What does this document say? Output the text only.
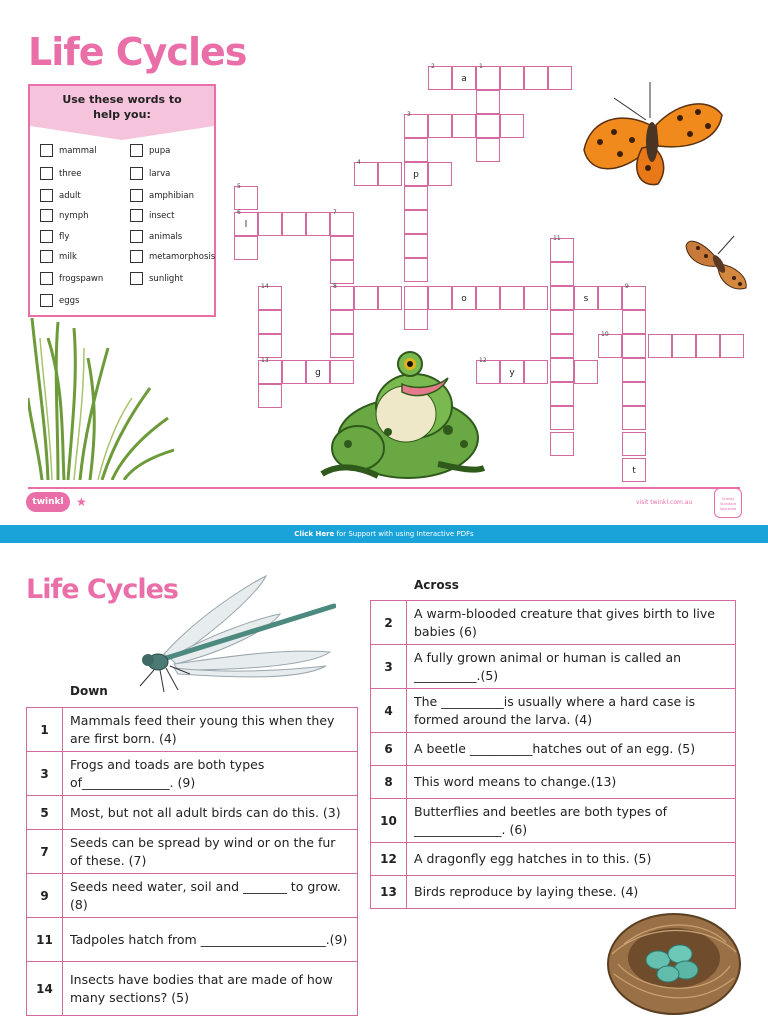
Life Cycles
Use these words to
help you:
mammal	pupa
three	larva
adult	amphibian
nymph	insect
fly	animals
milk	metamorphosis
frogspawn	sunlight
eggs
2
a
1
3
4
p
5
6
l
7
8
o	s
9
11
t
10
12
y
14
13
g
twinkl	★	visit twinkl.com.au	Quality Standard Approved
Click Here for Support with using Interactive PDFs
Life Cycles
Down
1	Mammals feed their young this when they are first born. (4)
3	Frogs and toads are both types of______________. (9)
5	Most, but not all adult birds can do this. (3)
7	Seeds can be spread by wind or on the fur of these. (7)
9	Seeds need water, soil and _______ to grow. (8)
11	Tadpoles hatch from ____________________.(9)
14	Insects have bodies that are made of how many sections? (5)
Across
2	A warm-blooded creature that gives birth to live babies (6)
3	A fully grown animal or human is called an __________.(5)
4	The __________is usually where a hard case is formed around the larva. (4)
6	A beetle __________hatches out of an egg. (5)
8	This word means to change.(13)
10	Butterflies and beetles are both types of ______________. (6)
12	A dragonfly egg hatches in to this. (5)
13	Birds reproduce by laying these. (4)
